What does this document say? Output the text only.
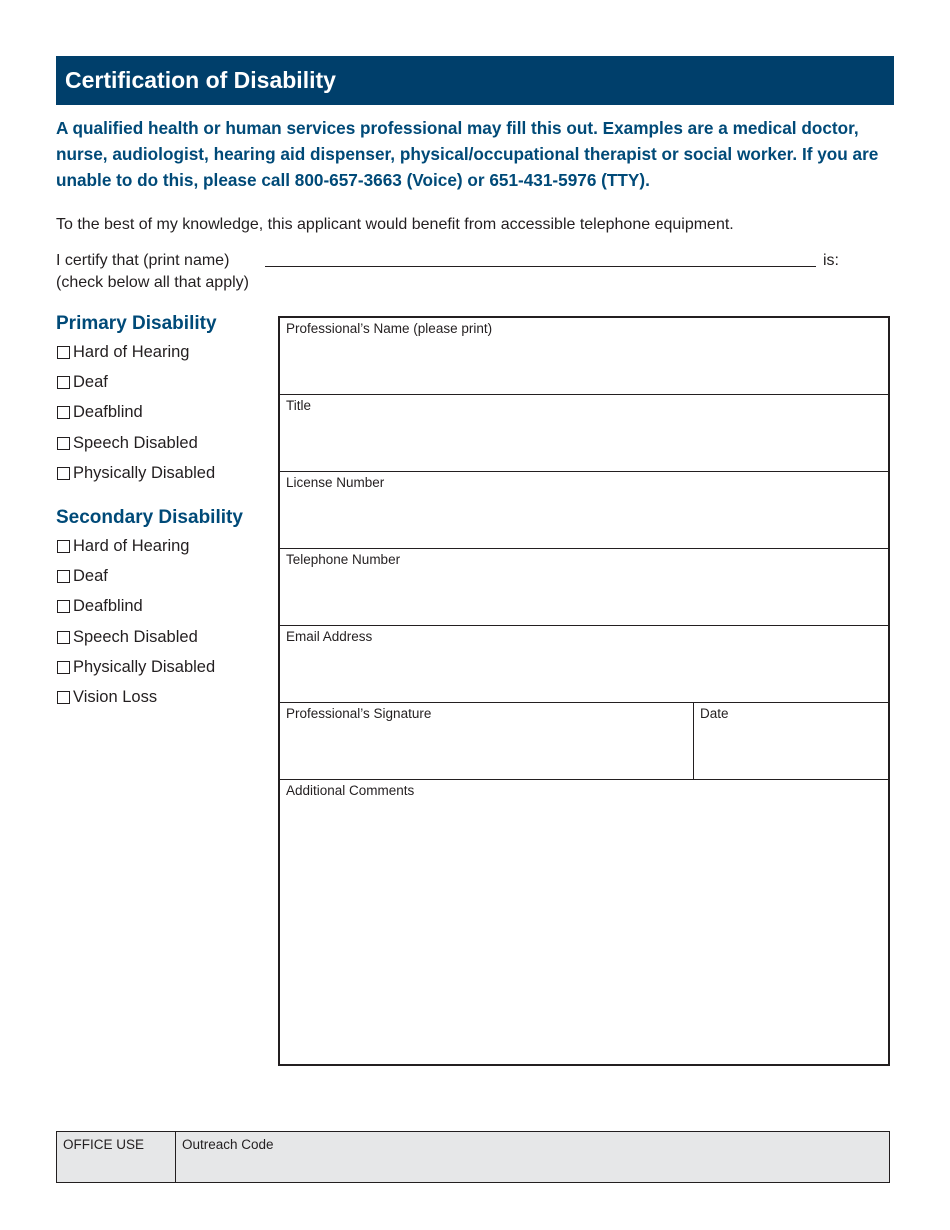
Certification of Disability

A qualified health or human services professional may fill this out. Examples are a medical doctor, nurse, audiologist, hearing aid dispenser, physical/occupational therapist or social worker. If you are unable to do this, please call 800-657-3663 (Voice) or 651-431-5976 (TTY).

To the best of my knowledge, this applicant would benefit from accessible telephone equipment.

I certify that (print name)	is:
(check below all that apply)
Primary Disability
Hard of Hearing
Deaf
Deafblind
Speech Disabled
Physically Disabled
Secondary Disability
Hard of Hearing
Deaf
Deafblind
Speech Disabled
Physically Disabled
Vision Loss
Professional’s Name (please print)
Title
License Number
Telephone Number
Email Address
Professional’s Signature	Date
Additional Comments
OFFICE USE	Outreach Code
